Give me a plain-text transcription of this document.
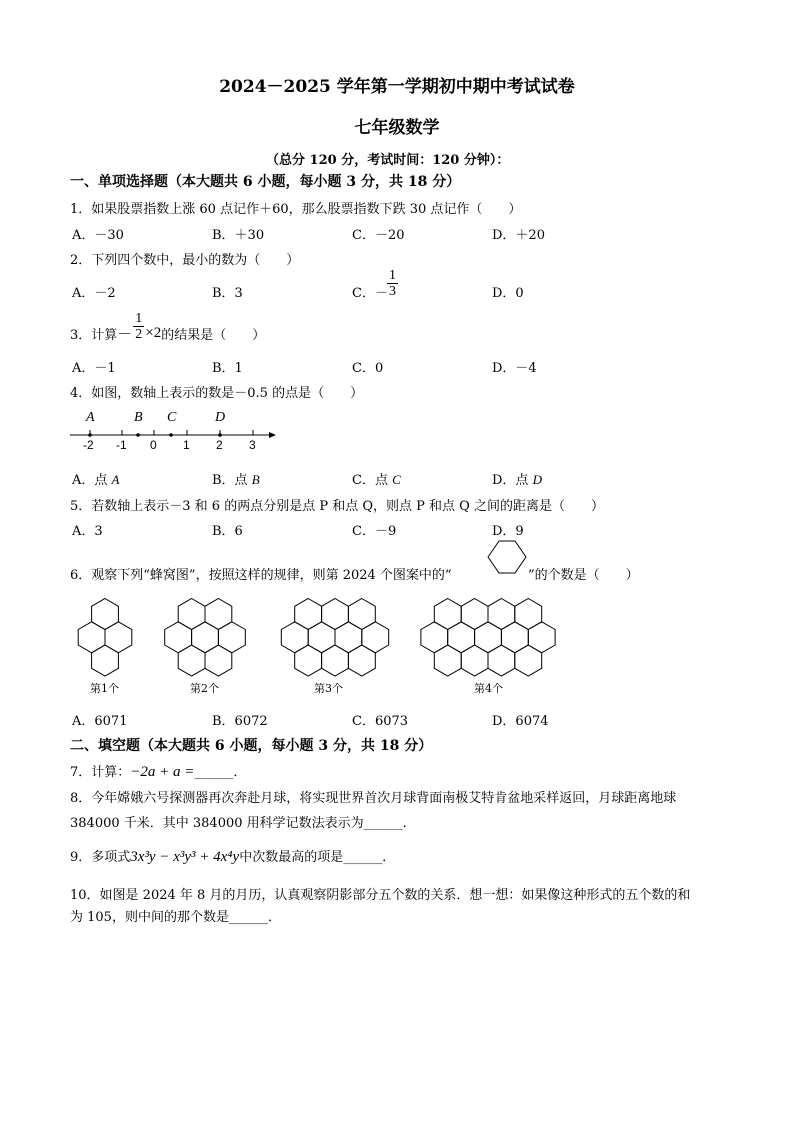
2024－2025 学年第一学期初中期中考试试卷
七年级数学
（总分 120 分，考试时间：120 分钟）：
一、单项选择题（本大题共 6 小题，每小题 3 分，共 18 分）
1．如果股票指数上涨 60 点记作＋60，那么股票指数下跌 30 点记作（　　）
A．－30	B．＋30	C．－20	D．＋20
2．下列四个数中，最小的数为（　　）
A．－2	B．3	C．－ $\frac{1}{3}$	D．0
3．计算 － $\frac{1}{2} \times 2$ 的结果是（　　）
A．－1	B．1	C．0	D．－4
4．如图，数轴上表示的数是－0.5 的点是（　　）
A	B C	D
-2 -1 0 1 2 3
A．点 A	B．点 B	C．点 C	D．点 D
5．若数轴上表示－3 和 6 的两点分别是点 P 和点 Q，则点 P 和点 Q 之间的距离是（　　）
A．3	B．6	C．－9	D．9
6．观察下列“蜂窝图”，按照这样的规律，则第 2024 个图案中的“	”的个数是（　　）
第1个	第2个	第3个	第4个
A．6071	B．6072	C．6073	D．6074
二、填空题（本大题共 6 小题，每小题 3 分，共 18 分）
7．计算：−2a + a =______．
8．今年嫦娥六号探测器再次奔赴月球，将实现世界首次月球背面南极艾特肯盆地采样返回，月球距离地球
384000 千米．其中 384000 用科学记数法表示为______．
9．多项式3x³y − x³y³ + 4x⁴y中次数最高的项是______．
10．如图是 2024 年 8 月的月历，认真观察阴影部分五个数的关系．想一想：如果像这种形式的五个数的和
为 105，则中间的那个数是______．
